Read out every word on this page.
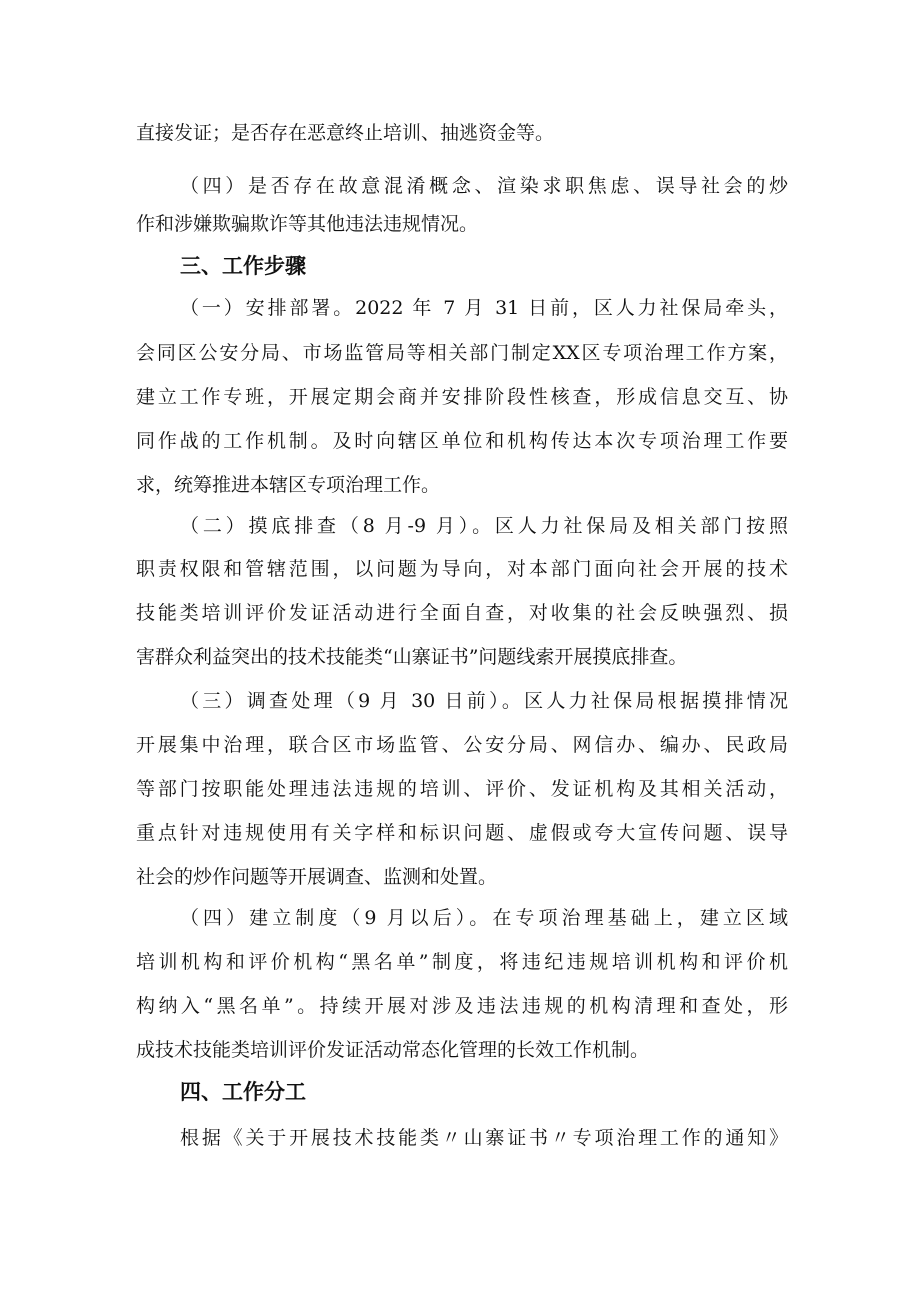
直接发证；是否存在恶意终止培训、抽逃资金等。
（四）是否存在故意混淆概念、渲染求职焦虑、误导社会的炒
作和涉嫌欺骗欺诈等其他违法违规情况。
三、工作步骤
（一）安排部署。2022 年 7 月 31 日前，区人力社保局牵头，
会同区公安分局、市场监管局等相关部门制定XX区专项治理工作方案，
建立工作专班，开展定期会商并安排阶段性核查，形成信息交互、协
同作战的工作机制。及时向辖区单位和机构传达本次专项治理工作要
求，统筹推进本辖区专项治理工作。
（二）摸底排查（8 月-9 月）。区人力社保局及相关部门按照
职责权限和管辖范围，以问题为导向，对本部门面向社会开展的技术
技能类培训评价发证活动进行全面自查，对收集的社会反映强烈、损
害群众利益突出的技术技能类“山寨证书”问题线索开展摸底排查。
（三）调查处理（9 月 30 日前）。区人力社保局根据摸排情况
开展集中治理，联合区市场监管、公安分局、网信办、编办、民政局
等部门按职能处理违法违规的培训、评价、发证机构及其相关活动，
重点针对违规使用有关字样和标识问题、虚假或夸大宣传问题、误导
社会的炒作问题等开展调查、监测和处置。
（四）建立制度（9 月以后）。在专项治理基础上，建立区域
培训机构和评价机构“黑名单”制度，将违纪违规培训机构和评价机
构纳入“黑名单”。持续开展对涉及违法违规的机构清理和查处，形
成技术技能类培训评价发证活动常态化管理的长效工作机制。
四、工作分工
根据《关于开展技术技能类〃山寨证书〃专项治理工作的通知》
